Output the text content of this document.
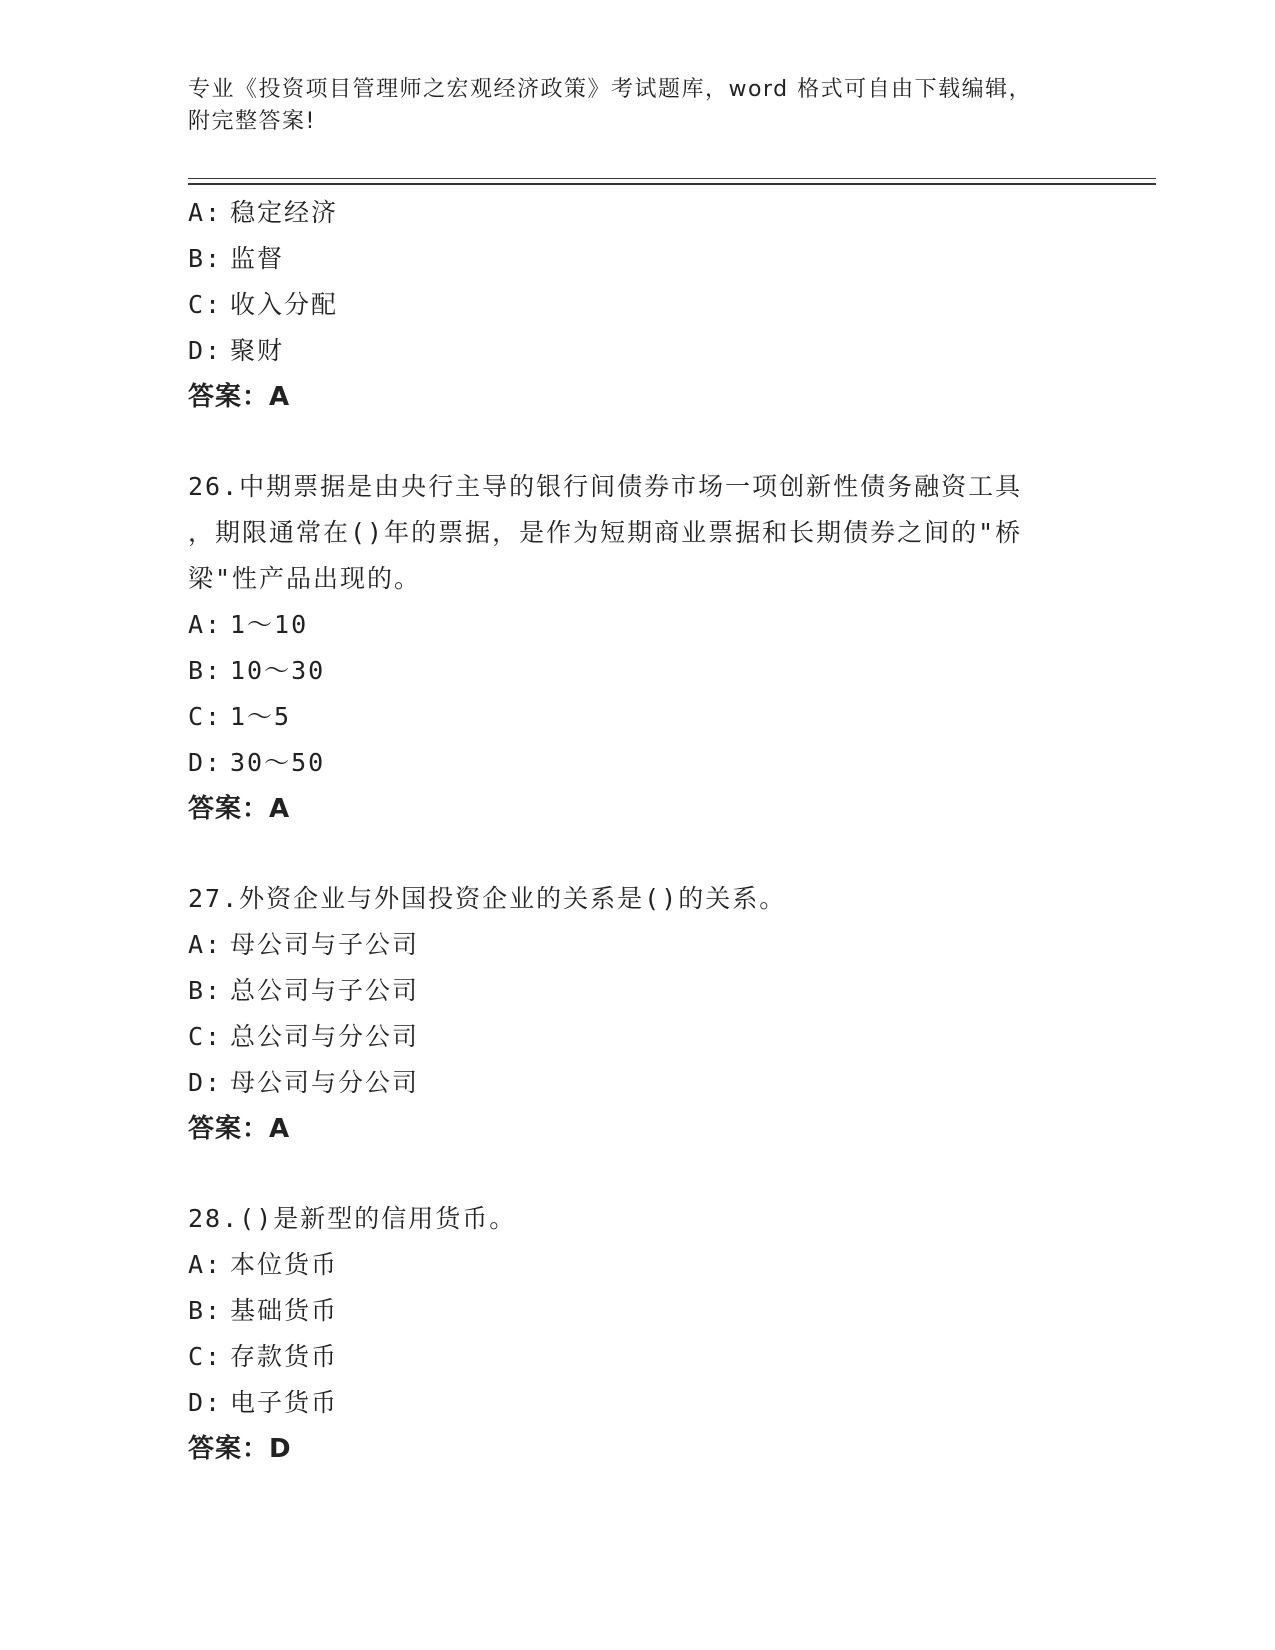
专业《投资项目管理师之宏观经济政策》考试题库，word 格式可自由下载编辑，
附完整答案!
A: 稳定经济
B: 监督
C: 收入分配
D: 聚财
答案：A
26.中期票据是由央行主导的银行间债券市场一项创新性债务融资工具
，期限通常在()年的票据，是作为短期商业票据和长期债券之间的"桥
梁"性产品出现的。
A: 1～10
B: 10～30
C: 1～5
D: 30～50
答案：A
27.外资企业与外国投资企业的关系是()的关系。
A: 母公司与子公司
B: 总公司与子公司
C: 总公司与分公司
D: 母公司与分公司
答案：A
28.()是新型的信用货币。
A: 本位货币
B: 基础货币
C: 存款货币
D: 电子货币
答案：D
